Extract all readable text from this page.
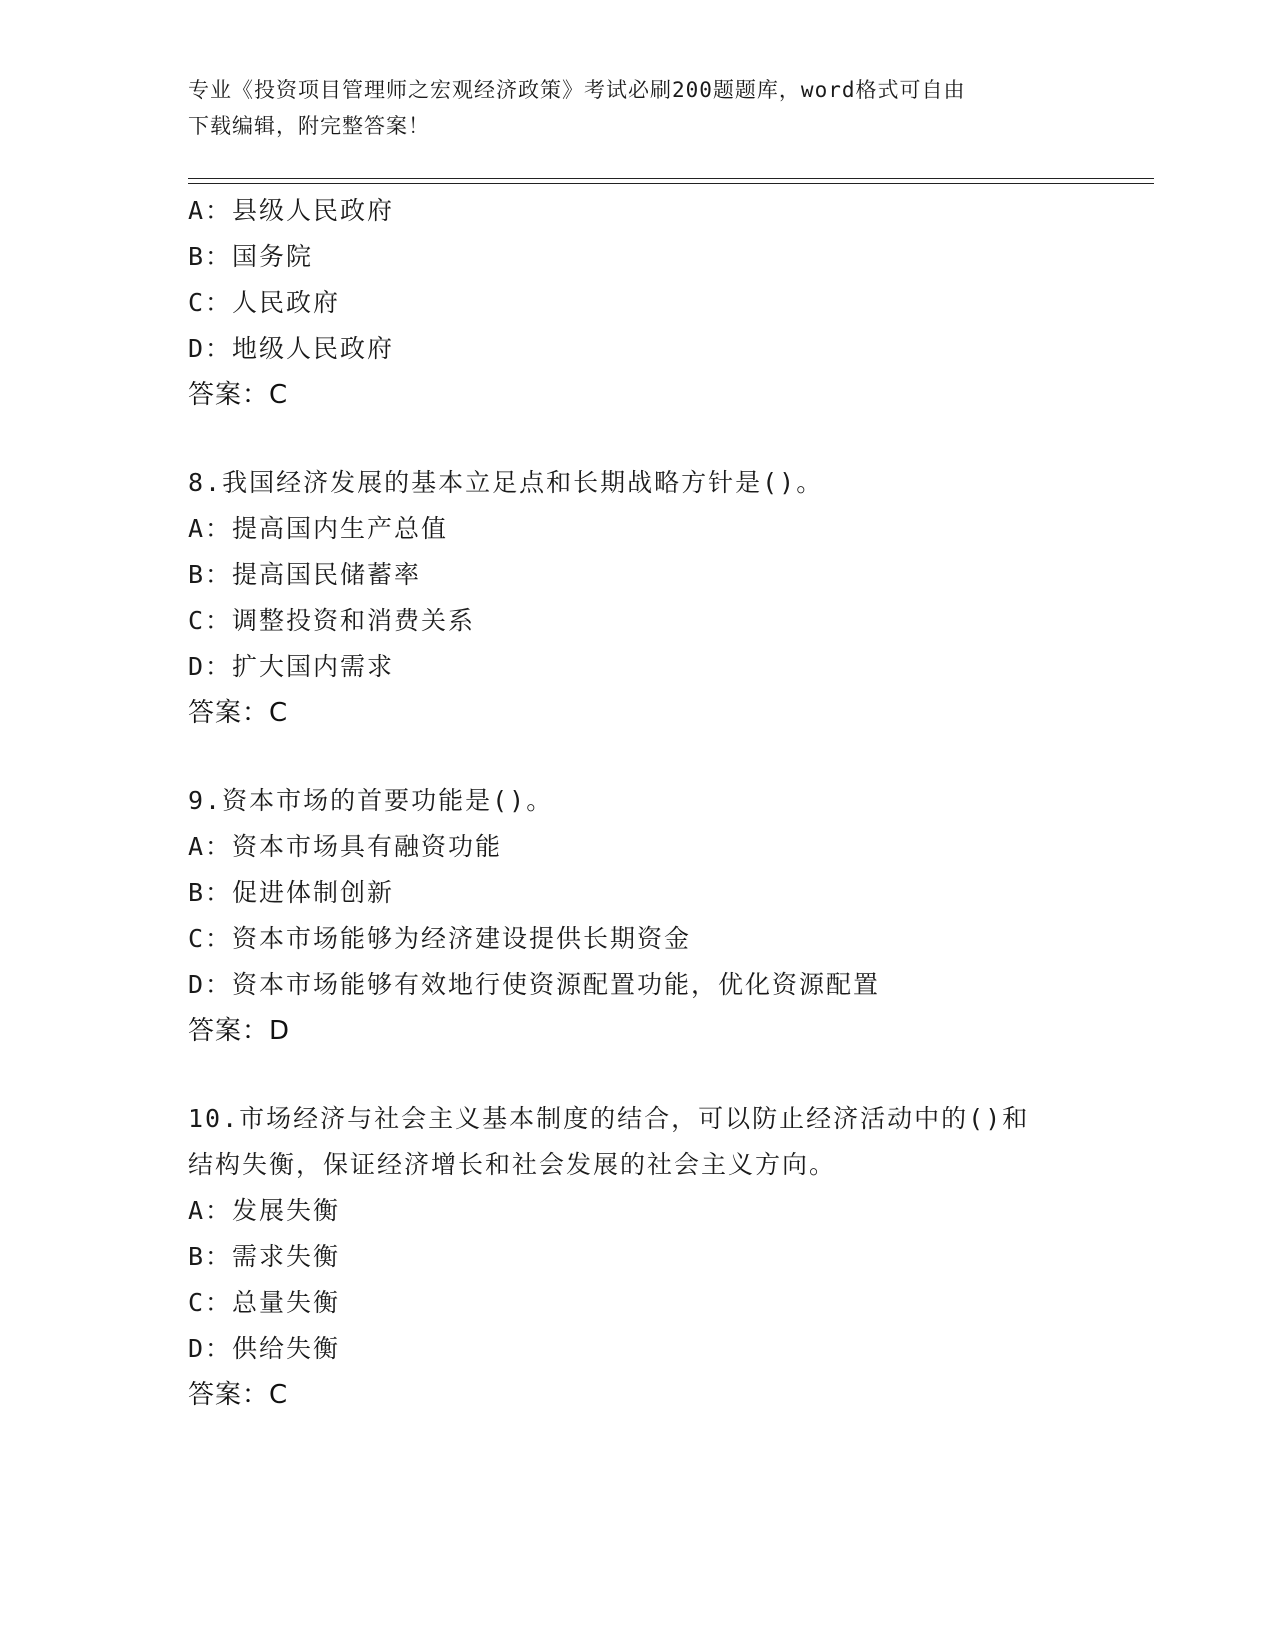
专业《投资项目管理师之宏观经济政策》考试必刷200题题库，word格式可自由
下载编辑，附完整答案！
A：县级人民政府
B：国务院
C：人民政府
D：地级人民政府
答案：C
8.我国经济发展的基本立足点和长期战略方针是()。
A：提高国内生产总值
B：提高国民储蓄率
C：调整投资和消费关系
D：扩大国内需求
答案：C
9.资本市场的首要功能是()。
A：资本市场具有融资功能
B：促进体制创新
C：资本市场能够为经济建设提供长期资金
D：资本市场能够有效地行使资源配置功能，优化资源配置
答案：D
10.市场经济与社会主义基本制度的结合，可以防止经济活动中的()和
结构失衡，保证经济增长和社会发展的社会主义方向。
A：发展失衡
B：需求失衡
C：总量失衡
D：供给失衡
答案：C
